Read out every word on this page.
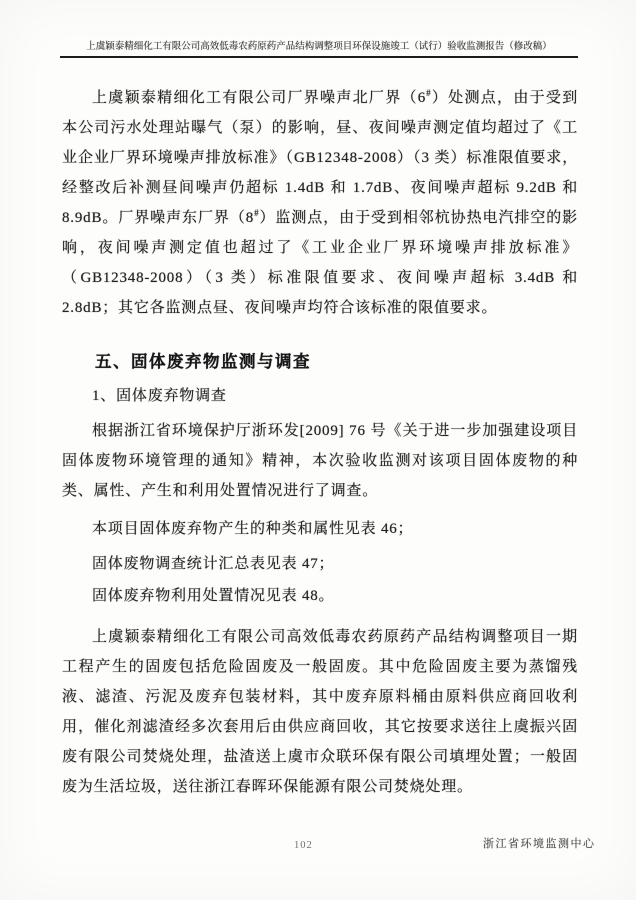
上虞颖泰精细化工有限公司高效低毒农药原药产品结构调整项目环保设施竣工（试行）验收监测报告（修改稿）

上虞颖泰精细化工有限公司厂界噪声北厂界（6#）处测点，由于受到本公司污水处理站曝气（泵）的影响，昼、夜间噪声测定值均超过了《工业企业厂界环境噪声排放标准》（GB12348-2008）（3 类）标准限值要求，经整改后补测昼间噪声仍超标 1.4dB 和 1.7dB、夜间噪声超标 9.2dB 和 8.9dB。厂界噪声东厂界（8#）监测点，由于受到相邻杭协热电汽排空的影响，夜间噪声测定值也超过了《工业企业厂界环境噪声排放标准》（GB12348-2008）（3 类）标准限值要求、夜间噪声超标 3.4dB 和 2.8dB；其它各监测点昼、夜间噪声均符合该标准的限值要求。

五、固体废弃物监测与调查

1、固体废弃物调查

根据浙江省环境保护厅浙环发[2009] 76 号《关于进一步加强建设项目固体废物环境管理的通知》精神，本次验收监测对该项目固体废物的种类、属性、产生和利用处置情况进行了调查。

本项目固体废弃物产生的种类和属性见表 46；

固体废物调查统计汇总表见表 47；

固体废弃物利用处置情况见表 48。

上虞颖泰精细化工有限公司高效低毒农药原药产品结构调整项目一期工程产生的固废包括危险固废及一般固废。其中危险固废主要为蒸馏残液、滤渣、污泥及废弃包装材料，其中废弃原料桶由原料供应商回收利用，催化剂滤渣经多次套用后由供应商回收，其它按要求送往上虞振兴固废有限公司焚烧处理，盐渣送上虞市众联环保有限公司填埋处置；一般固废为生活垃圾，送往浙江春晖环保能源有限公司焚烧处理。

102	浙江省环境监测中心
